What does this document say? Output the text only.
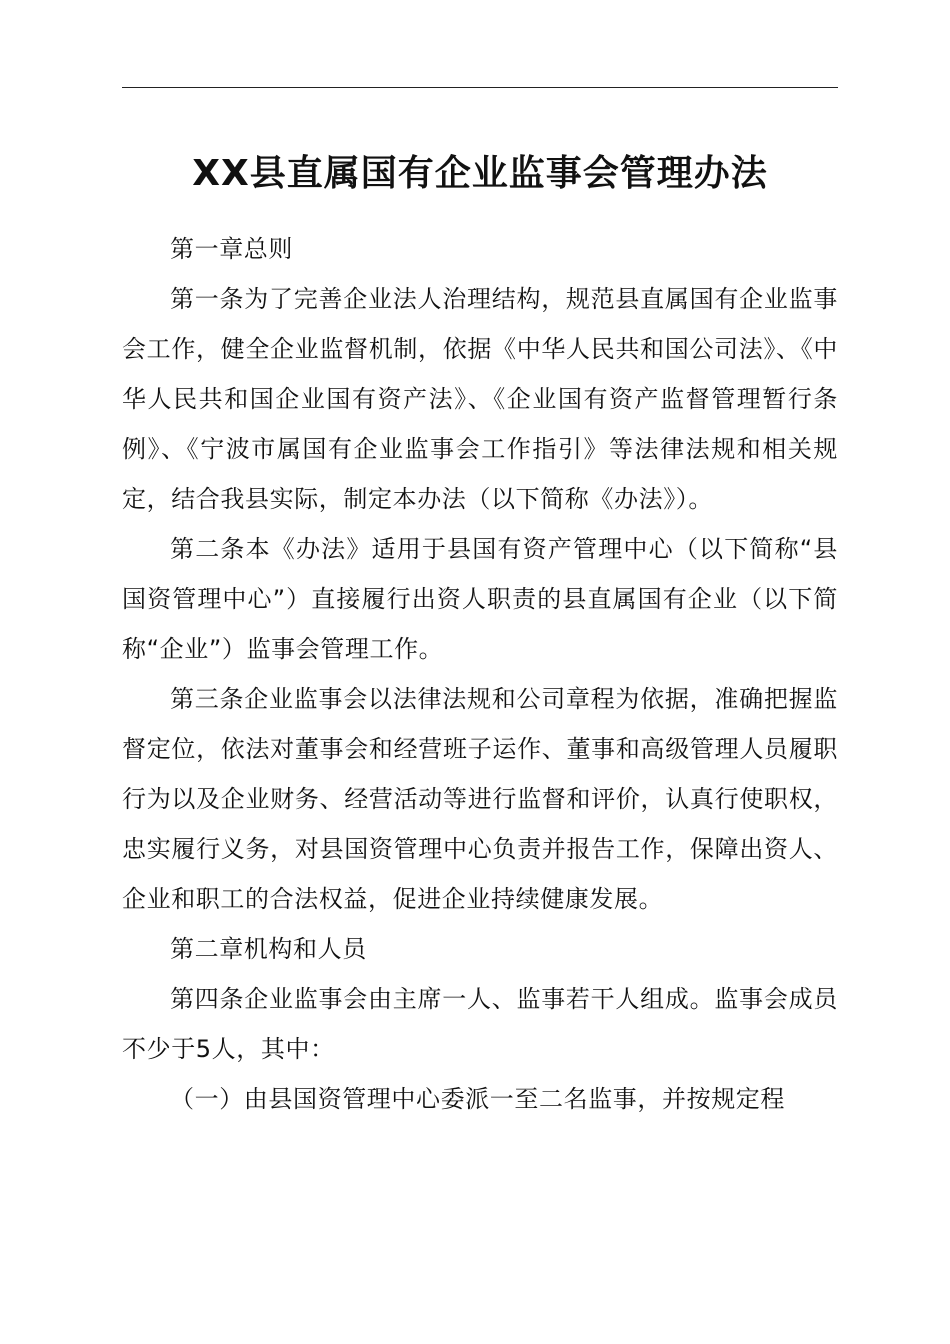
XX县直属国有企业监事会管理办法

第一章总则

第一条为了完善企业法人治理结构，规范县直属国有企业监事会工作，健全企业监督机制，依据《中华人民共和国公司法》、《中华人民共和国企业国有资产法》、《企业国有资产监督管理暂行条例》、《宁波市属国有企业监事会工作指引》等法律法规和相关规定，结合我县实际，制定本办法（以下简称《办法》）。

第二条本《办法》适用于县国有资产管理中心（以下简称“县国资管理中心”）直接履行出资人职责的县直属国有企业（以下简称“企业”）监事会管理工作。

第三条企业监事会以法律法规和公司章程为依据，准确把握监督定位，依法对董事会和经营班子运作、董事和高级管理人员履职行为以及企业财务、经营活动等进行监督和评价，认真行使职权，忠实履行义务，对县国资管理中心负责并报告工作，保障出资人、企业和职工的合法权益，促进企业持续健康发展。

第二章机构和人员

第四条企业监事会由主席一人、监事若干人组成。监事会成员不少于5人，其中：

（一）由县国资管理中心委派一至二名监事，并按规定程
